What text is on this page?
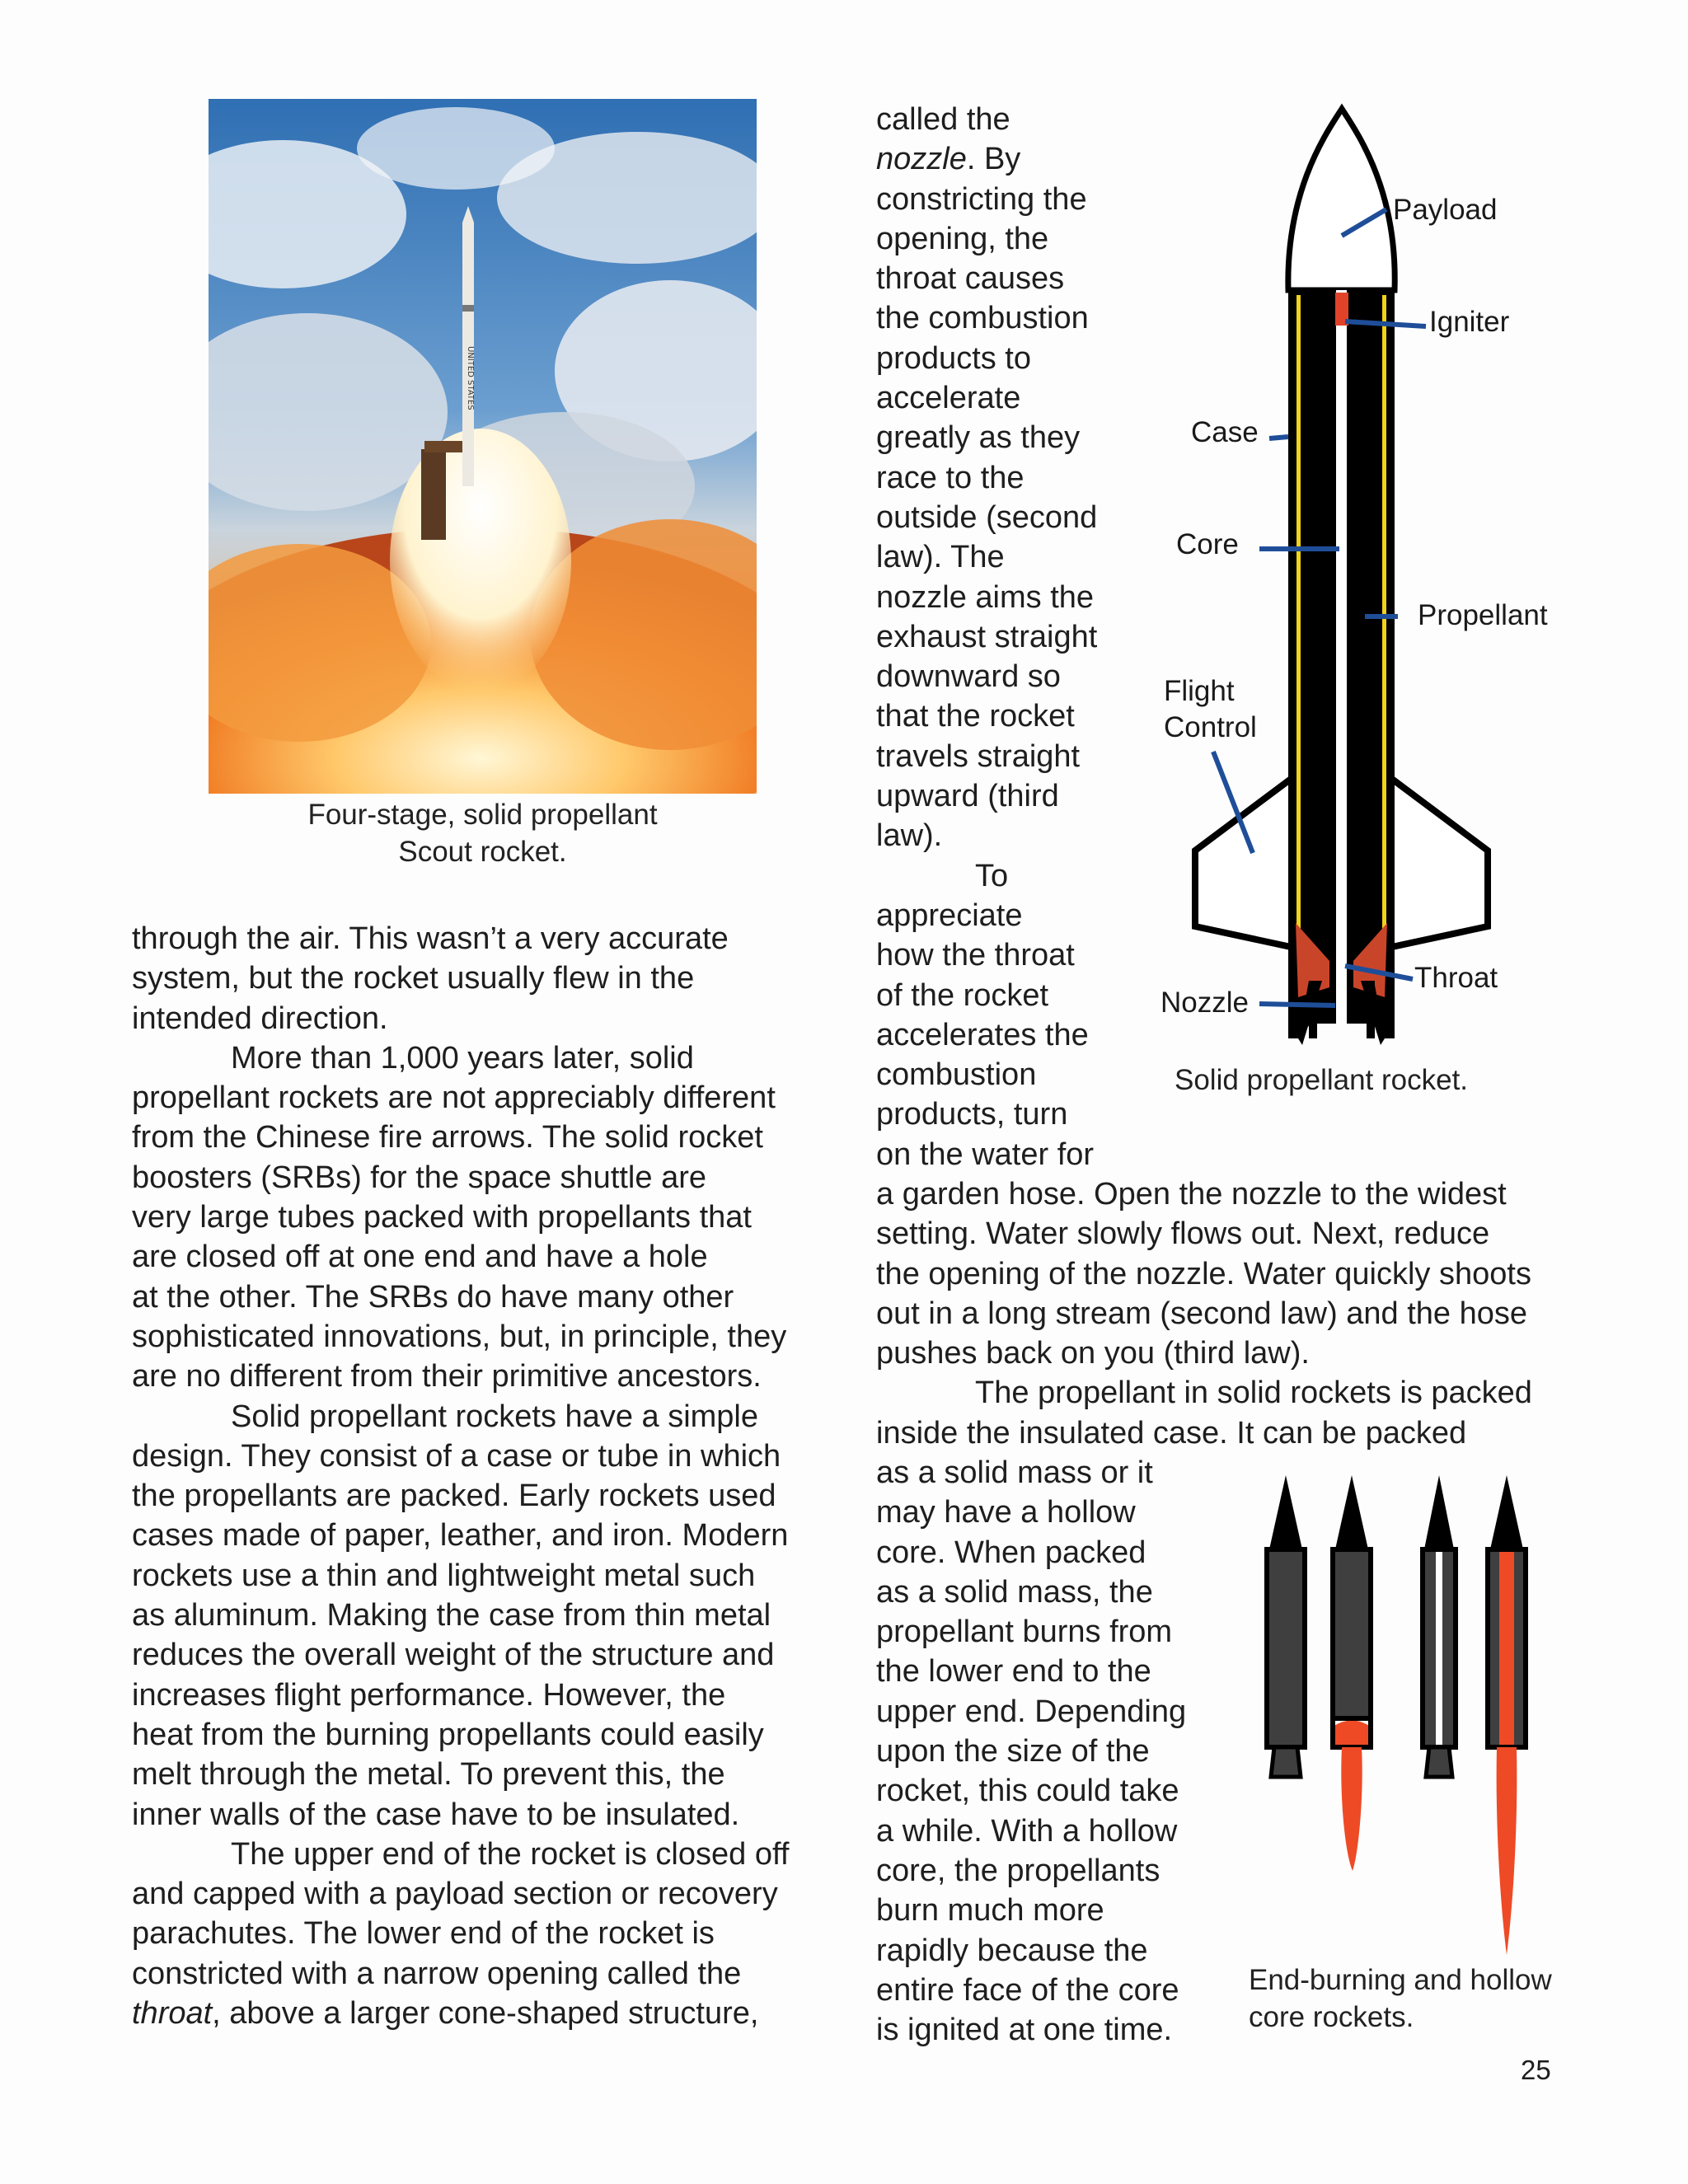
UNITED STATES
Four-stage, solid propellant
Scout rocket.
through the air. This wasn’t a very accurate
system, but the rocket usually flew in the
intended direction.
More than 1,000 years later, solid
propellant rockets are not appreciably different
from the Chinese fire arrows. The solid rocket
boosters (SRBs) for the space shuttle are
very large tubes packed with propellants that
are closed off at one end and have a hole
at the other. The SRBs do have many other
sophisticated innovations, but, in principle, they
are no different from their primitive ancestors.
Solid propellant rockets have a simple
design. They consist of a case or tube in which
the propellants are packed. Early rockets used
cases made of paper, leather, and iron. Modern
rockets use a thin and lightweight metal such
as aluminum. Making the case from thin metal
reduces the overall weight of the structure and
increases flight performance. However, the
heat from the burning propellants could easily
melt through the metal. To prevent this, the
inner walls of the case have to be insulated.
The upper end of the rocket is closed off
and capped with a payload section or recovery
parachutes. The lower end of the rocket is
constricted with a narrow opening called the
throat, above a larger cone-shaped structure,
called the
nozzle. By
constricting the
opening, the
throat causes
the combustion
products to
accelerate
greatly as they
race to the
outside (second
law). The
nozzle aims the
exhaust straight
downward so
that the rocket
travels straight
upward (third
law).
To
appreciate
how the throat
of the rocket
accelerates the
combustion
products, turn
on the water for
a garden hose. Open the nozzle to the widest
setting. Water slowly flows out. Next, reduce
the opening of the nozzle. Water quickly shoots
out in a long stream (second law) and the hose
pushes back on you (third law).
The propellant in solid rockets is packed
inside the insulated case. It can be packed
as a solid mass or it
may have a hollow
core. When packed
as a solid mass, the
propellant burns from
the lower end to the
upper end. Depending
upon the size of the
rocket, this could take
a while. With a hollow
core, the propellants
burn much more
rapidly because the
entire face of the core
is ignited at one time.
Payload
Igniter
Case
Core
Propellant
Flight
Control
Throat
Nozzle
Solid propellant rocket.
End-burning and hollow
core rockets.
25
